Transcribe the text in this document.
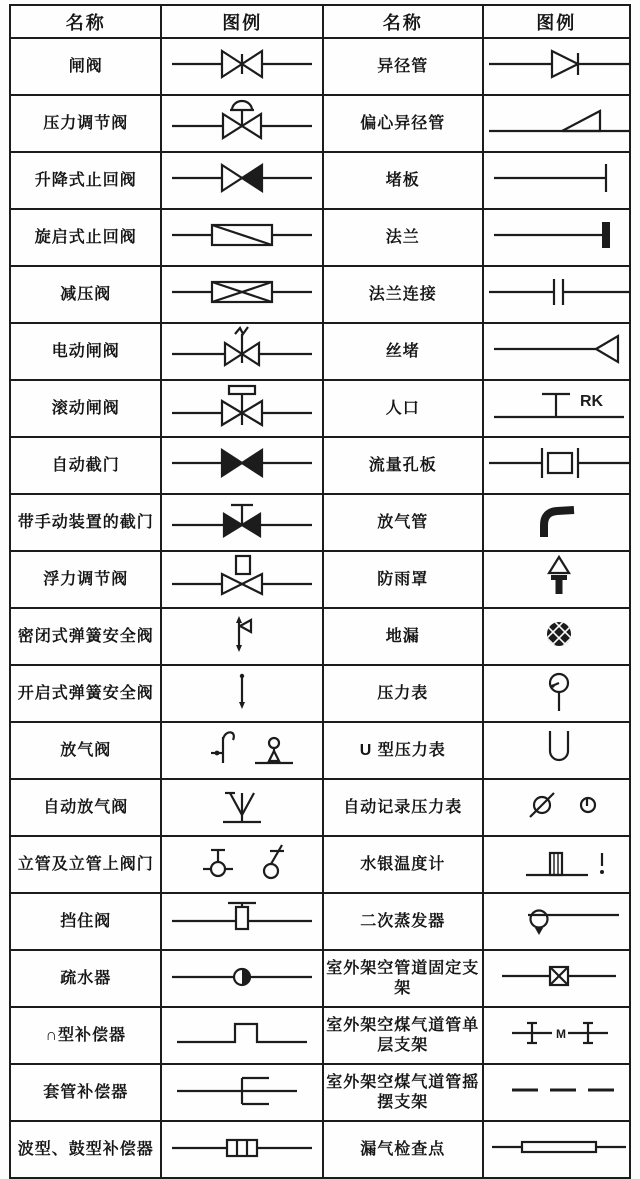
名称	图例	名称	图例
闸阀		异径管	

压力调节阀		偏心异径管	

升降式止回阀		堵板	

旋启式止回阀		法兰	

减压阀		法兰连接	

电动闸阀		丝堵	

滚动闸阀		人口	RK

自动截门		流量孔板	

带手动装置的截门		放气管	

浮力调节阀		防雨罩	

密闭式弹簧安全阀		地漏	

开启式弹簧安全阀		压力表	

放气阀		U 型压力表	

自动放气阀		自动记录压力表	

立管及立管上阀门		水银温度计	

挡住阀		二次蒸发器	

疏水器		室外架空管道固定支架	

∩型补偿器		室外架空煤气道管单层支架	M

套管补偿器		室外架空煤气道管摇摆支架	

波型、鼓型补偿器		漏气检查点	
